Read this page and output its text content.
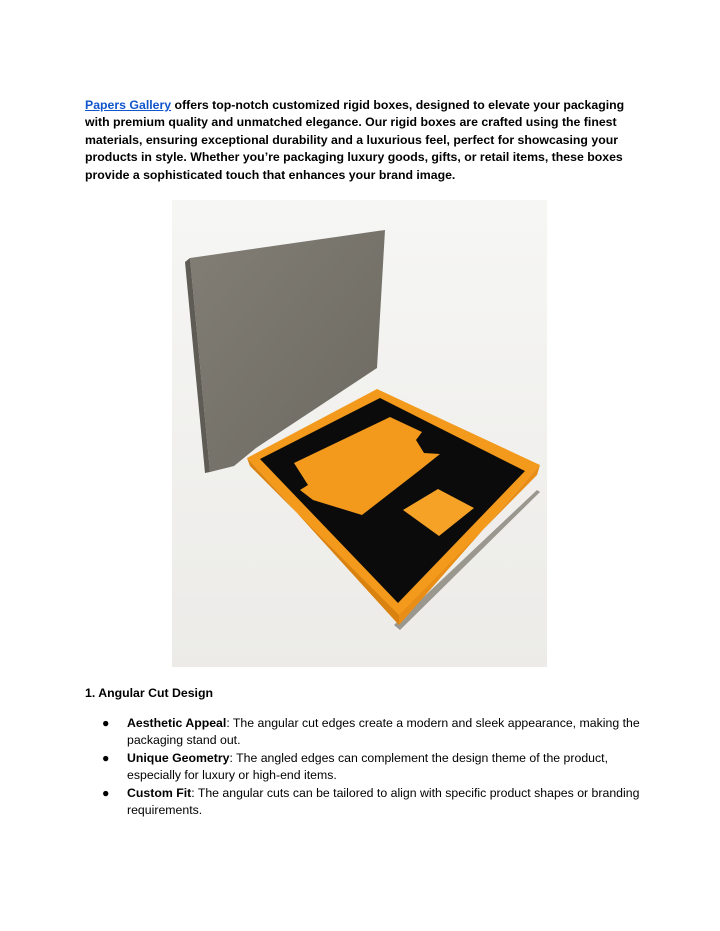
Papers Gallery offers top-notch customized rigid boxes, designed to elevate your packaging with premium quality and unmatched elegance. Our rigid boxes are crafted using the finest materials, ensuring exceptional durability and a luxurious feel, perfect for showcasing your products in style. Whether you’re packaging luxury goods, gifts, or retail items, these boxes provide a sophisticated touch that enhances your brand image.
1. Angular Cut Design
● Aesthetic Appeal: The angular cut edges create a modern and sleek appearance, making the packaging stand out.
● Unique Geometry: The angled edges can complement the design theme of the product, especially for luxury or high-end items.
● Custom Fit: The angular cuts can be tailored to align with specific product shapes or branding requirements.
